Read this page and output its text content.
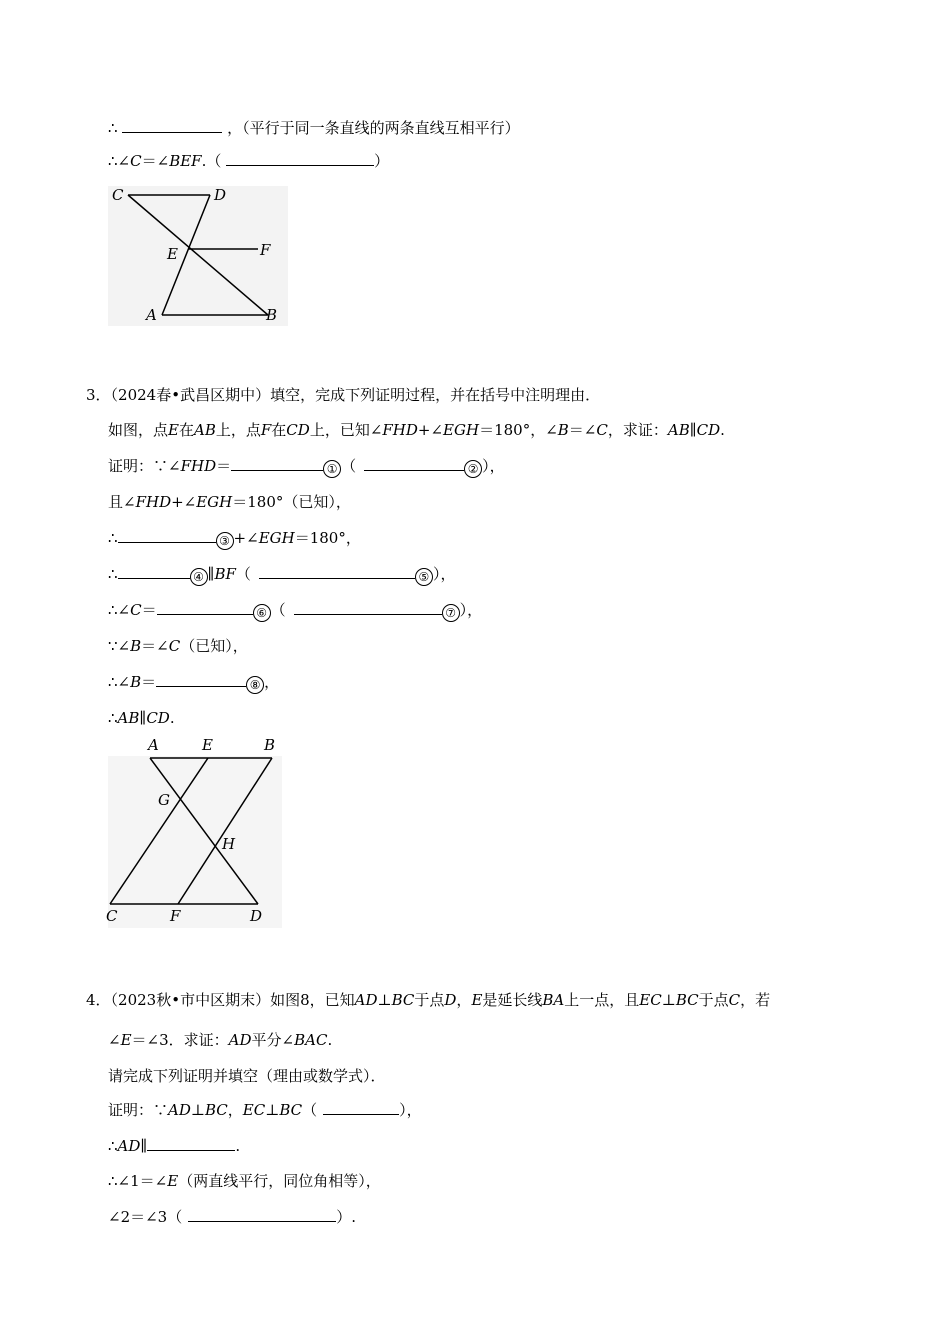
∴	，（平行于同一条直线的两条直线互相平行）
∴∠C＝∠BEF.（	）
C	D
E	F
A	B
3．（2024春•武昌区期中）填空，完成下列证明过程，并在括号中注明理由．
如图，点E在AB上，点F在CD上，已知∠FHD+∠EGH＝180°，∠B＝∠C，求证：AB∥CD.
证明：∵∠FHD＝	① （	② ），
且∠FHD+∠EGH＝180°（已知），
∴	③ +∠EGH＝180°，
∴	④ ∥BF（	⑤ ），
∴∠C＝	⑥ （	⑦ ），
∵∠B＝∠C（已知），
∴∠B＝	⑧ ，
∴AB∥CD.
A	E	B
G
H
C	F	D
4．（2023秋•市中区期末）如图8，已知AD⊥BC于点D，E是延长线BA上一点，且EC⊥BC于点C，若
∠E＝∠3．求证：AD平分∠BAC.
请完成下列证明并填空（理由或数学式）．
证明：∵AD⊥BC，EC⊥BC（	），
∴AD∥	.
∴∠1＝∠E（两直线平行，同位角相等），
∠2＝∠3（	）.
